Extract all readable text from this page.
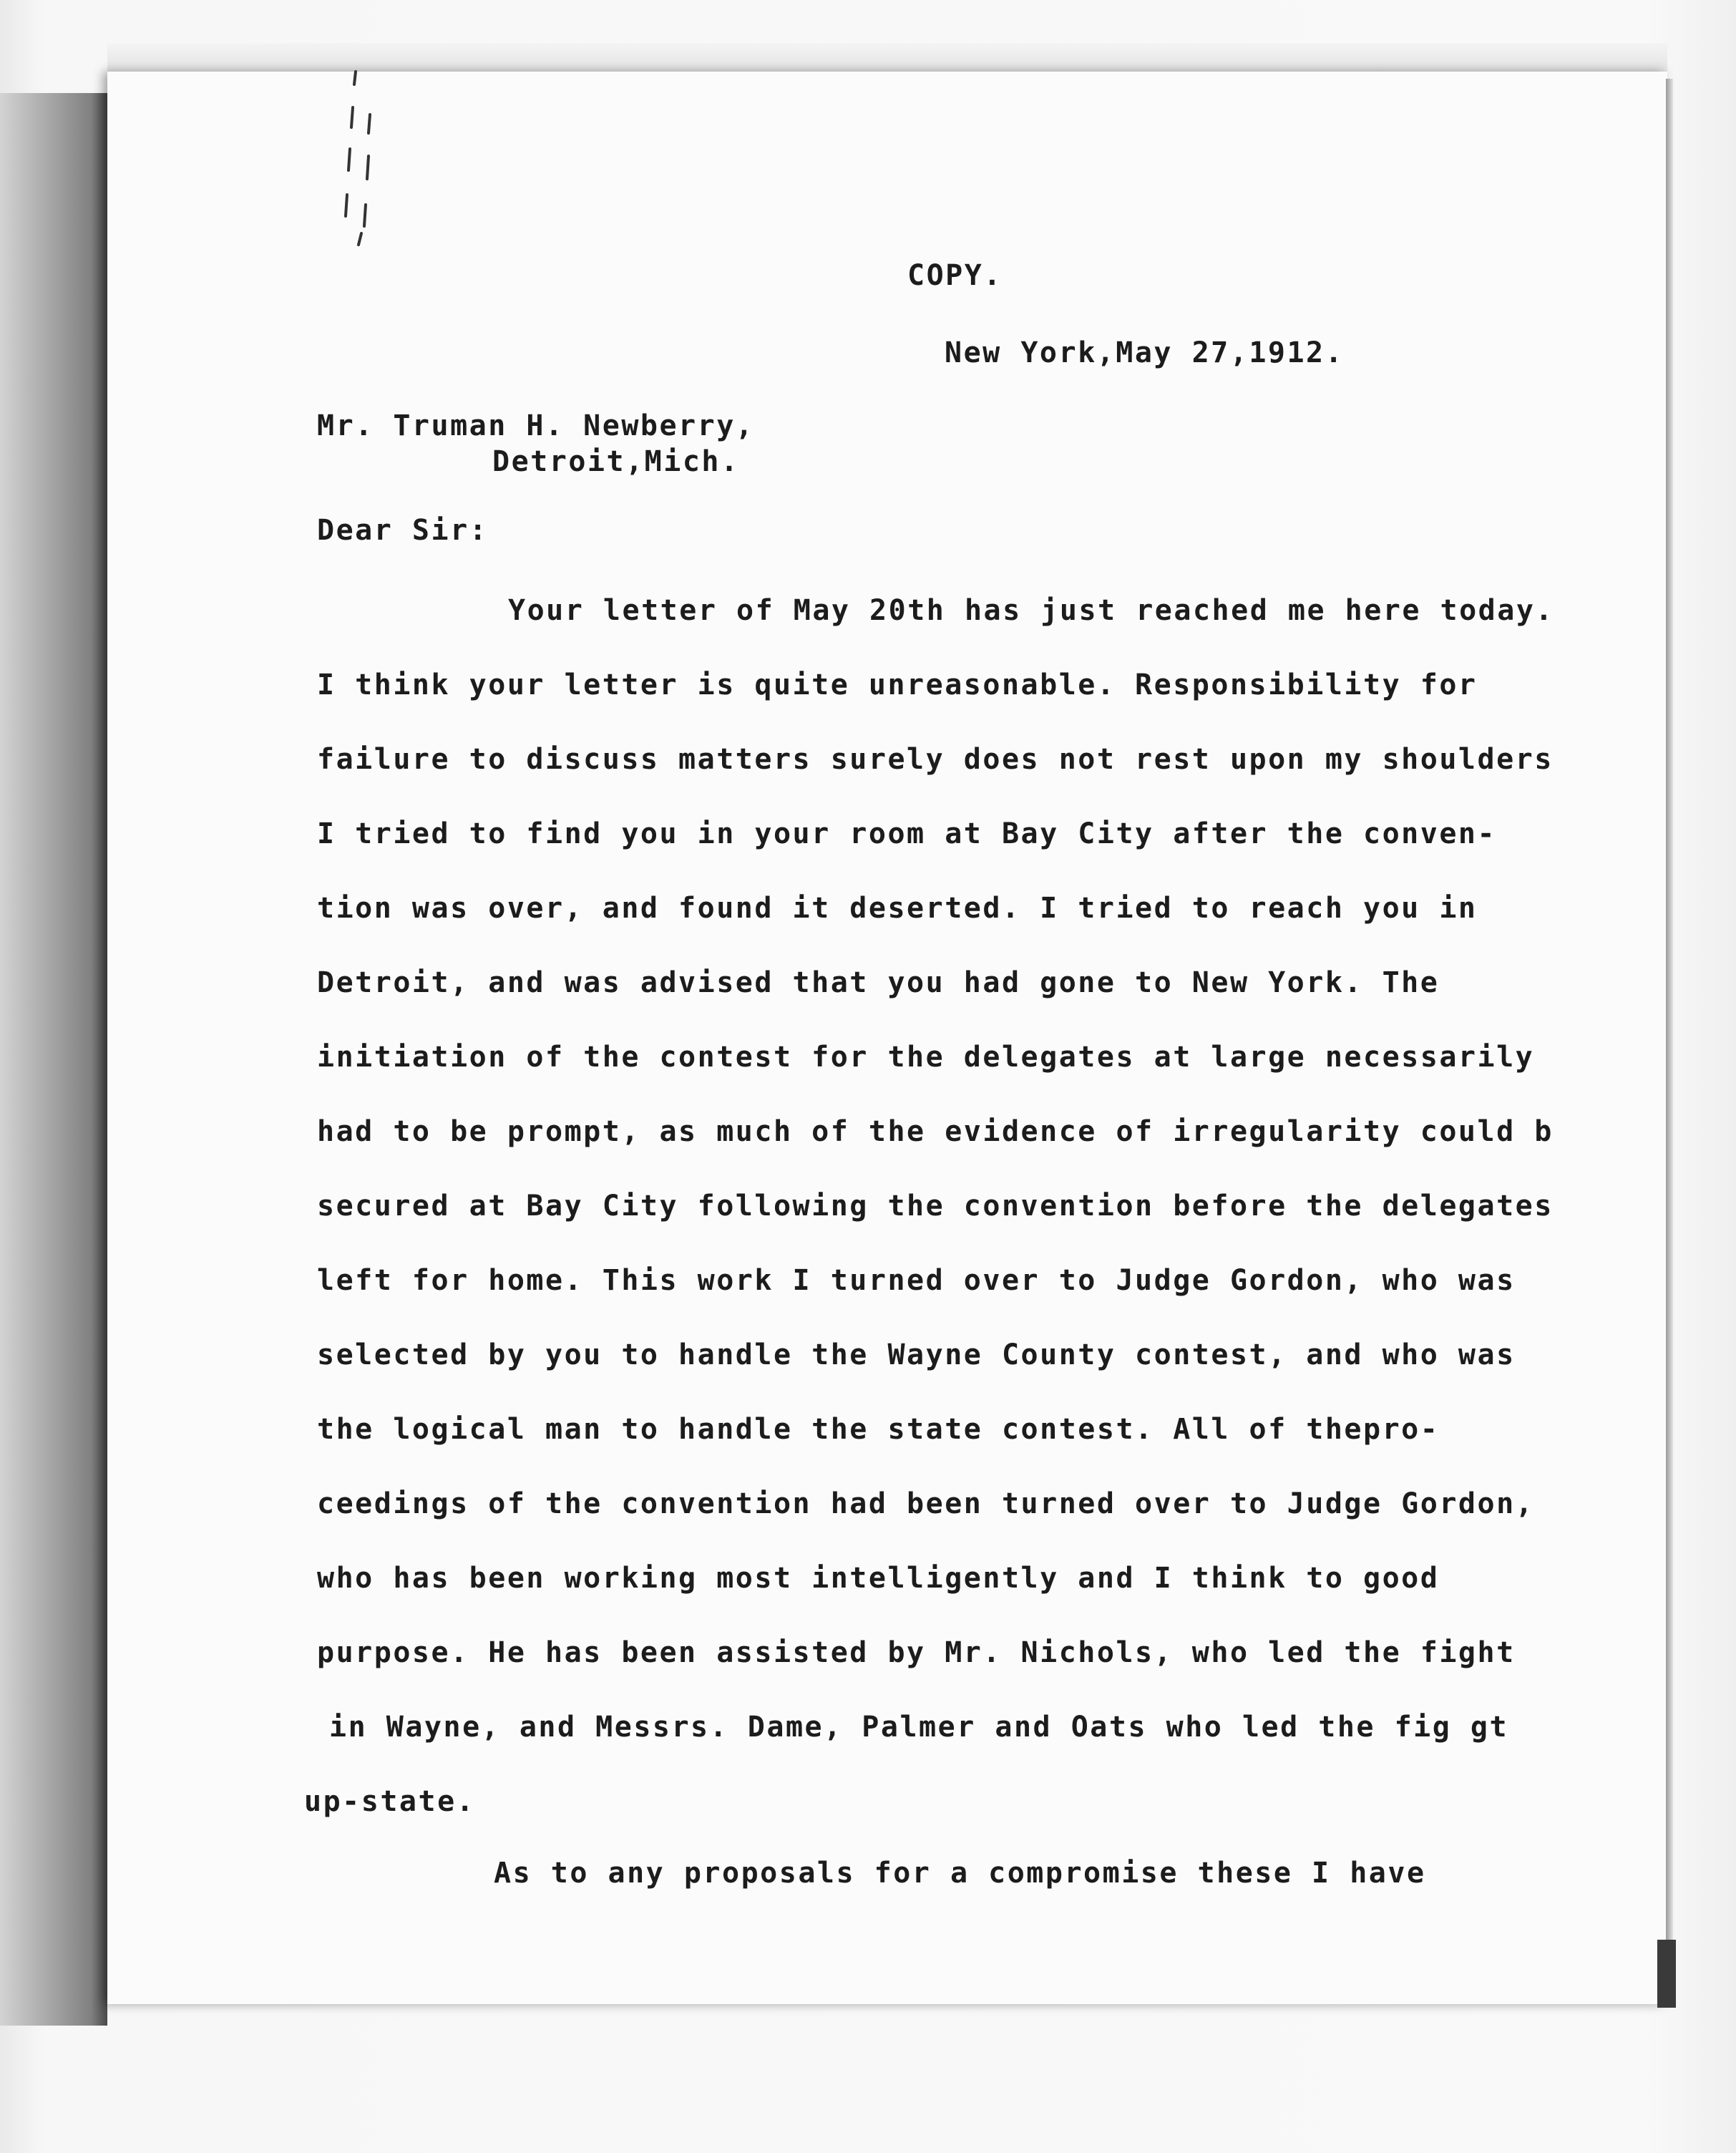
COPY.
New York,May 27,1912.
Mr. Truman H. Newberry,
Detroit,Mich.
Dear Sir:
Your letter of May 20th has just reached me here today.
I think your letter is quite unreasonable. Responsibility for
failure to discuss matters surely does not rest upon my shoulders
I tried to find you in your room at Bay City after the conven-
tion was over, and found it deserted. I tried to reach you in
Detroit, and was advised that you had gone to New York. The
initiation of the contest for the delegates at large necessarily
had to be prompt, as much of the evidence of irregularity could b
secured at Bay City following the convention before the delegates
left for home. This work I turned over to Judge Gordon, who was
selected by you to handle the Wayne County contest, and who was
the logical man to handle the state contest. All of thepro-
ceedings of the convention had been turned over to Judge Gordon,
who has been working most intelligently and I think to good
purpose. He has been assisted by Mr. Nichols, who led the fight
in Wayne, and Messrs. Dame, Palmer and Oats who led the fig gt
up-state.
As to any proposals for a compromise these I have
